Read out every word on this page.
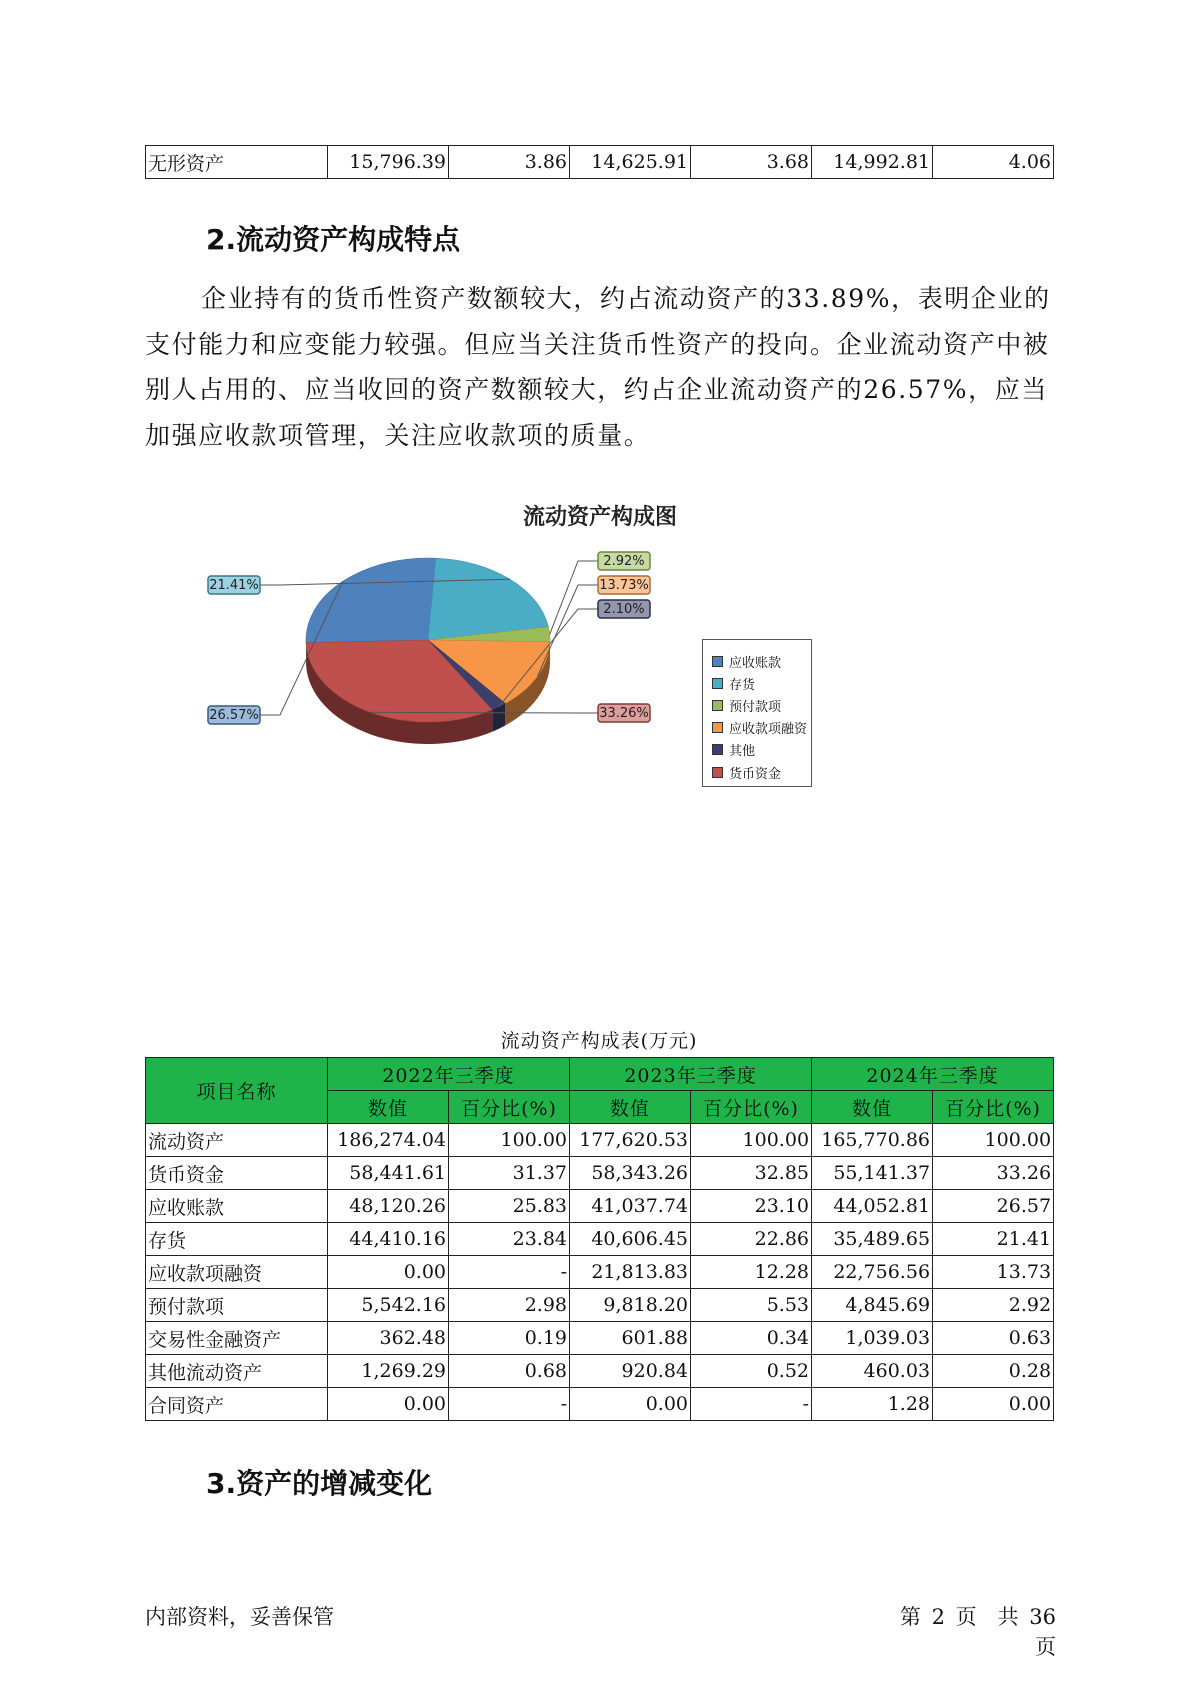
无形资产	15,796.39	3.86	14,625.91	3.68	14,992.81	4.06
2.流动资产构成特点

企业持有的货币性资产数额较大，约占流动资产的33.89%，表明企业的支付能力和应变能力较强。但应当关注货币性资产的投向。企业流动资产中被别人占用的、应当收回的资产数额较大，约占企业流动资产的26.57%，应当加强应收款项管理，关注应收款项的质量。

流动资产构成图
26.57%
21.41%
2.92%
13.73%
2.10%
33.26%
应收账款
存货
预付款项
应收款项融资
其他
货币资金
流动资产构成表(万元)
项目名称	2022年三季度		2023年三季度		2024年三季度	
	数值	百分比(%)	数值	百分比(%)	数值	百分比(%)
流动资产	186,274.04	100.00	177,620.53	100.00	165,770.86	100.00
货币资金	58,441.61	31.37	58,343.26	32.85	55,141.37	33.26
应收账款	48,120.26	25.83	41,037.74	23.10	44,052.81	26.57
存货	44,410.16	23.84	40,606.45	22.86	35,489.65	21.41
应收款项融资	0.00	-	21,813.83	12.28	22,756.56	13.73
预付款项	5,542.16	2.98	9,818.20	5.53	4,845.69	2.92
交易性金融资产	362.48	0.19	601.88	0.34	1,039.03	0.63
其他流动资产	1,269.29	0.68	920.84	0.52	460.03	0.28
合同资产	0.00	-	0.00	-	1.28	0.00
3.资产的增减变化
内部资料，妥善保管	第 2 页　共 36 页
